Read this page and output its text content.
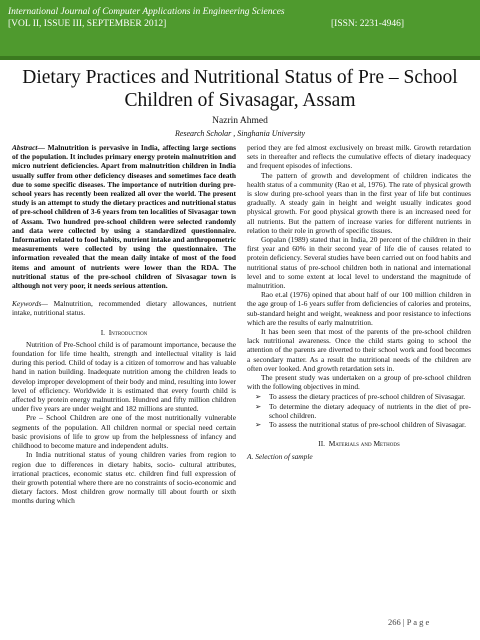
International Journal of Computer Applications in Engineering Sciences
[VOL II, ISSUE III, SEPTEMBER 2012]	[ISSN: 2231-4946]
Dietary Practices and Nutritional Status of Pre – School Children of Sivasagar, Assam
Nazrin Ahmed
Research Scholar , Singhania University

Abstract— Malnutrition is pervasive in India, affecting large sections of the population. It includes primary energy protein malnutrition and micro nutrient deficiencies. Apart from malnutrition children in India usually suffer from other deficiency diseases and sometimes face death due to some specific diseases. The importance of nutrition during pre-school years has recently been realized all over the world. The present study is an attempt to study the dietary practices and nutritional status of pre-school children of 3-6 years from ten localities of Sivasagar town of Assam. Two hundred pre-school children were selected randomly and data were collected by using a standardized questionnaire. Information related to food habits, nutrient intake and anthropometric measurements were collected by using the questionnaire. The information revealed that the mean daily intake of most of the food items and amount of nutrients were lower than the RDA. The nutritional status of the pre-school children of Sivasagar town is although not very poor, it needs serious attention.

Keywords— Malnutrition, recommended dietary allowances, nutrient intake, nutritional status.

I. Introduction

Nutrition of Pre-School child is of paramount importance, because the foundation for life time health, strength and intellectual vitality is laid during this period. Child of today is a citizen of tomorrow and has valuable hand in nation building. Inadequate nutrition among the children leads to develop improper development of their body and mind, resulting into lower level of efficiency. Worldwide it is estimated that every fourth child is affected by protein energy malnutrition. Hundred and fifty million children under five years are under weight and 182 millions are stunted.

Pre – School Children are one of the most nutritionally vulnerable segments of the population. All children normal or special need certain basic provisions of life to grow up from the helplessness of infancy and childhood to become mature and independent adults.

In India nutritional status of young children varies from region to region due to differences in dietary habits, socio- cultural attributes, irrational practices, economic status etc. children find full expression of their growth potential where there are no constraints of socio-economic and dietary factors. Most children grow normally till about fourth or sixth months during which

period they are fed almost exclusively on breast milk. Growth retardation sets in thereafter and reflects the cumulative effects of dietary inadequacy and frequent episodes of infections.

The pattern of growth and development of children indicates the health status of a community (Rao et al, 1976). The rate of physical growth is slow during pre-school years than in the first year of life but continues gradually. A steady gain in height and weight usually indicates good physical growth. For good physical growth there is an increased need for all nutrients. But the pattern of increase varies for different nutrients in relation to their role in growth of specific tissues.

Gopalan (1989) stated that in India, 20 percent of the children in their first year and 60% in their second year of life die of causes related to protein deficiency. Several studies have been carried out on food habits and nutritional status of pre-school children both in national and international level and to some extent at local level to understand the magnitude of malnutrition.

Rao et.al (1976) opined that about half of our 100 million children in the age group of 1-6 years suffer from deficiencies of calories and proteins, sub-standard height and weight, weakness and poor resistance to infections which are the results of early malnutrition.

It has been seen that most of the parents of the pre-school children lack nutritional awareness. Once the child starts going to school the attention of the parents are diverted to their school work and food becomes a secondary matter. As a result the nutritional needs of the children are often over looked. And growth retardation sets in.

The present study was undertaken on a group of pre-school children with the following objectives in mind.

➢ To assess the dietary practices of pre-school children of Sivasagar.
➢ To determine the dietary adequacy of nutrients in the diet of pre-school children.
➢ To assess the nutritional status of pre-school children of Sivasagar.

II. Materials and Methods

A. Selection of sample

266 | P a g e
